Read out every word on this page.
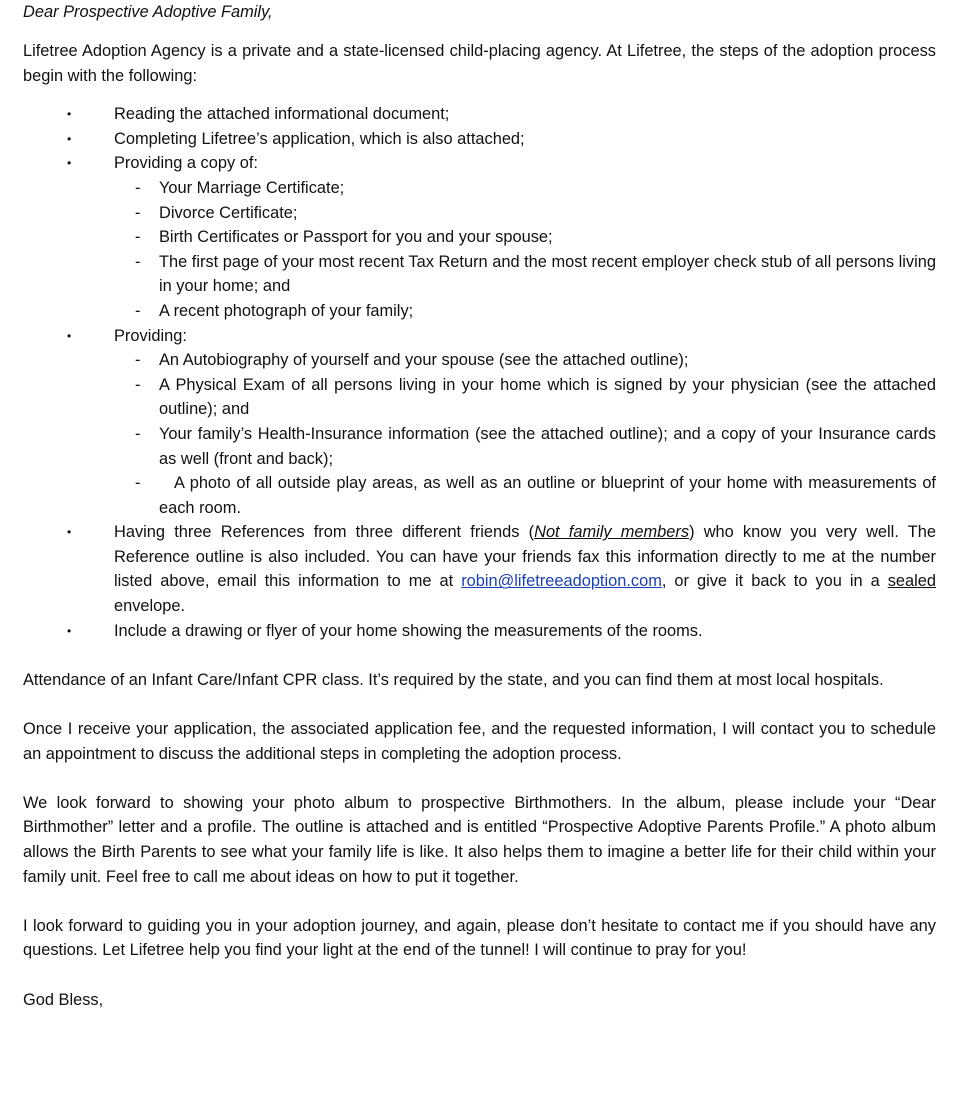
Dear Prospective Adoptive Family,

Lifetree Adoption Agency is a private and a state-licensed child-placing agency. At Lifetree, the steps of the adoption process begin with the following:

•	Reading the attached informational document;
•	Completing Lifetree’s application, which is also attached;
•	Providing a copy of:
- Your Marriage Certificate;
- Divorce Certificate;
- Birth Certificates or Passport for you and your spouse;
- The first page of your most recent Tax Return and the most recent employer check stub of all persons living in your home; and
- A recent photograph of your family;
•	Providing:
- An Autobiography of yourself and your spouse (see the attached outline);
- A Physical Exam of all persons living in your home which is signed by your physician (see the attached outline); and
- Your family’s Health-Insurance information (see the attached outline); and a copy of your Insurance cards as well (front and back);
- A photo of all outside play areas, as well as an outline or blueprint of your home with measurements of each room.
•	Having three References from three different friends (Not family members) who know you very well. The Reference outline is also included. You can have your friends fax this information directly to me at the number listed above, email this information to me at robin@lifetreeadoption.com, or give it back to you in a sealed envelope.
•	Include a drawing or flyer of your home showing the measurements of the rooms.

Attendance of an Infant Care/Infant CPR class. It’s required by the state, and you can find them at most local hospitals.

Once I receive your application, the associated application fee, and the requested information, I will contact you to schedule an appointment to discuss the additional steps in completing the adoption process.

We look forward to showing your photo album to prospective Birthmothers. In the album, please include your “Dear Birthmother” letter and a profile. The outline is attached and is entitled “Prospective Adoptive Parents Profile.” A photo album allows the Birth Parents to see what your family life is like. It also helps them to imagine a better life for their child within your family unit. Feel free to call me about ideas on how to put it together.

I look forward to guiding you in your adoption journey, and again, please don’t hesitate to contact me if you should have any questions. Let Lifetree help you find your light at the end of the tunnel! I will continue to pray for you!

God Bless,
